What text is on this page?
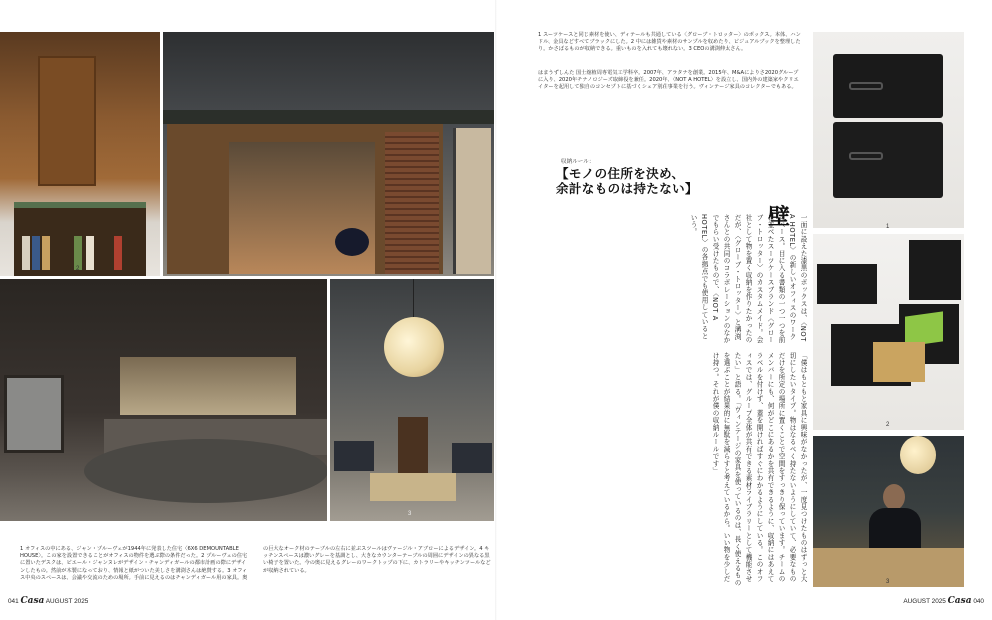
2
3
1
2
3

1 スーツケースと同じ素材を使い、ディテールも共通している〈グローブ・トロッター〉のボックス。本体、ハンドル、金具などすべてブラックにした。2 中には雑貨や素材のサンプルを収めたり、ビジュアルブックを整理したり。かさばるものが収納できる。重いものを入れても壊れない。3 CEOの溝渕伸太さん。

はまうずしんた 国士舘植周専電気工学科卒。2007年、アラタナを創業。2015年、M&Aによりさ2020グループに入り、2020年チナノロジーズ取締役を兼任。2020年、〈NOT A HOTEL〉を設立し、国内外の建築家やクリエイターを起用して独自のコンセプトに基づくシェア別荘事業を行う。ヴィンテージ家具のコレクターでもある。
収納ルール：
【モノの住所を決め、
余計なものは持たない】
壁	一面に設えた漆黒のボックスは、〈NOT A HOTEL〉の新しいオフィスのワークスペース。目に入る書類の一つ一つを前に並べたスーツケースブランド〈グローブ・トロッター〉のカスタムメイド。会社として物を置く収納を作りたかったのだが、〈グローブ・トロッター〉と溝渕さんとの共同のコラボレーションのなかでもらい受けたもので、〈NOT A HOTEL〉の各拠点でも使用しているという。
「僕はもともと家具に興味がなかったが、一度見つけたものはずっと大切にしたいタイプ。物はなるべく持たないようにしていて、必要なものだけを所定の場所に置くことで空間をすっきり保っています。チームのメンバーにも、何がどこにあるかを共有できるように、収納にはあえてラベルを付けず、蓋を開ければすぐにわかるようにしている。このオフィスでは、グループ全体が共有できる素材ライブラリーとして機能させたい」と語る。「ヴィンテージの家具を使っているのは、長く使えるものを選ぶことが結果的に無駄を減らすと考えているから。いい物を少しだけ持つ。それが僕の収納ルールです」
1 オフィスの中にある、ジャン・プルーヴェが1944年に発表した住宅〈6X6 DEMOUNTABLE HOUSE〉。この家を設置できることがオフィスの物件を選ぶ際の条件だった。2 プルーヴェの住宅に置いたデスクは、ピエール・ジャンヌレがデザイン・チャンディガールの都市計画の際にデザインしたもの。然前が木製になっており、情報と紙がついた美しさを溝渕さんは絶賛する。3 オフィス中央のスペースは、会議や交流のための場所。手前に見えるのはチャンディガール用の家具。奥の巨大なオーク材のテーブルの左右に並ぶスツールはヴァージル・アブローによるデザイン。4 キッチンスペースは濃いグレーを基調とし、大きなカウンターテーブルの周囲にデザインの異なる黒い椅子を置いた。今の奥に見えるグレーのワークトップの下に、カトラリーやキッチンツールなどが収納されている。
041 Casa AUGUST 2025	AUGUST 2025 Casa 040
